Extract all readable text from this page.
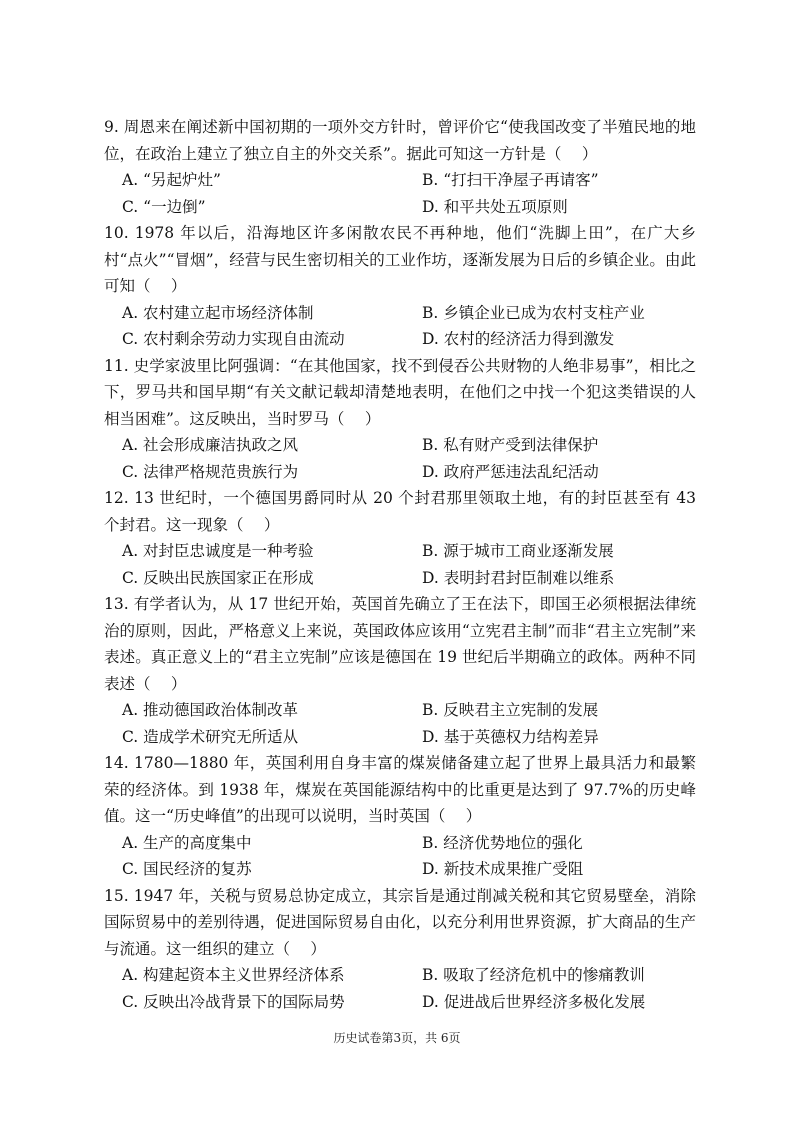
9. 周恩来在阐述新中国初期的一项外交方针时，曾评价它“使我国改变了半殖民地的地位，在政治上建立了独立自主的外交关系”。据此可知这一方针是（　 ）
A. “另起炉灶”	B. “打扫干净屋子再请客”
C. “一边倒”	D. 和平共处五项原则
10. 1978 年以后，沿海地区许多闲散农民不再种地，他们“洗脚上田”，在广大乡村“点火”“冒烟”，经营与民生密切相关的工业作坊，逐渐发展为日后的乡镇企业。由此可知（　 ）
A. 农村建立起市场经济体制	B. 乡镇企业已成为农村支柱产业
C. 农村剩余劳动力实现自由流动	D. 农村的经济活力得到激发
11. 史学家波里比阿强调：“在其他国家，找不到侵吞公共财物的人绝非易事”，相比之下，罗马共和国早期“有关文献记载却清楚地表明，在他们之中找一个犯这类错误的人相当困难”。这反映出，当时罗马（　 ）
A. 社会形成廉洁执政之风	B. 私有财产受到法律保护
C. 法律严格规范贵族行为	D. 政府严惩违法乱纪活动
12. 13 世纪时，一个德国男爵同时从 20 个封君那里领取土地，有的封臣甚至有 43 个封君。这一现象（　 ）
A. 对封臣忠诚度是一种考验	B. 源于城市工商业逐渐发展
C. 反映出民族国家正在形成	D. 表明封君封臣制难以维系
13. 有学者认为，从 17 世纪开始，英国首先确立了王在法下，即国王必须根据法律统治的原则，因此，严格意义上来说，英国政体应该用“立宪君主制”而非“君主立宪制”来表述。真正意义上的“君主立宪制”应该是德国在 19 世纪后半期确立的政体。两种不同表述（　 ）
A. 推动德国政治体制改革	B. 反映君主立宪制的发展
C. 造成学术研究无所适从	D. 基于英德权力结构差异
14. 1780—1880 年，英国利用自身丰富的煤炭储备建立起了世界上最具活力和最繁荣的经济体。到 1938 年，煤炭在英国能源结构中的比重更是达到了 97.7%的历史峰值。这一“历史峰值”的出现可以说明，当时英国（　 ）
A. 生产的高度集中	B. 经济优势地位的强化
C. 国民经济的复苏	D. 新技术成果推广受阻
15. 1947 年，关税与贸易总协定成立，其宗旨是通过削减关税和其它贸易壁垒，消除国际贸易中的差别待遇，促进国际贸易自由化，以充分利用世界资源，扩大商品的生产与流通。这一组织的建立（　 ）
A. 构建起资本主义世界经济体系	B. 吸取了经济危机中的惨痛教训
C. 反映出冷战背景下的国际局势	D. 促进战后世界经济多极化发展
历史试卷第3页，共 6页
